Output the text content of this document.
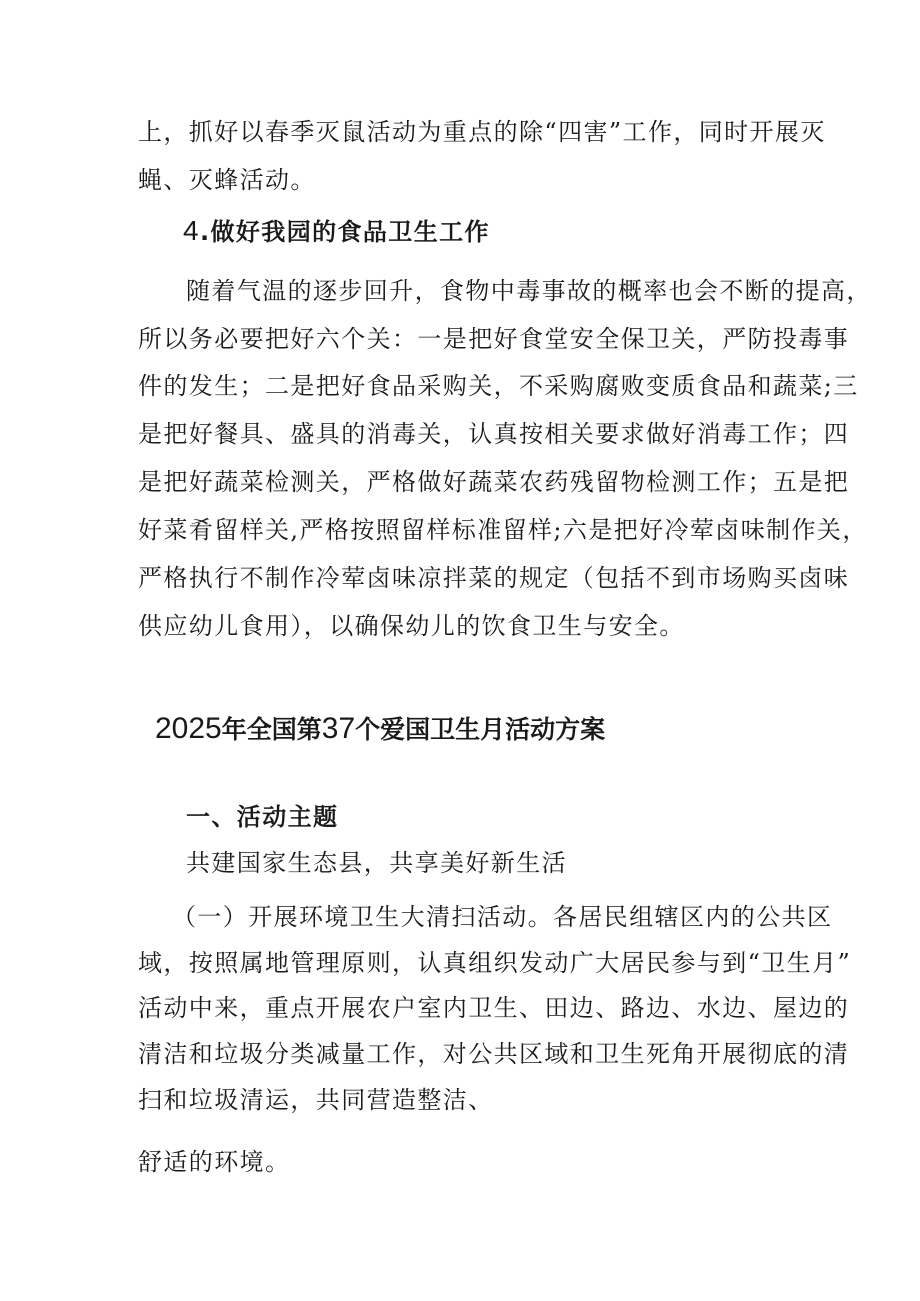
上，抓好以春季灭鼠活动为重点的除“四害”工作，同时开展灭
蝇、灭蜂活动。
4.做好我园的食品卫生工作
随着气温的逐步回升，食物中毒事故的概率也会不断的提高，
所以务必要把好六个关：一是把好食堂安全保卫关，严防投毒事
件的发生；二是把好食品采购关，不采购腐败变质食品和蔬菜;三
是把好餐具、盛具的消毒关，认真按相关要求做好消毒工作；四
是把好蔬菜检测关，严格做好蔬菜农药残留物检测工作；五是把
好菜肴留样关,严格按照留样标准留样;六是把好冷荤卤味制作关，
严格执行不制作冷荤卤味凉拌菜的规定（包括不到市场购买卤味
供应幼儿食用），以确保幼儿的饮食卫生与安全。
2025年全国第37个爱国卫生月活动方案
一、活动主题
共建国家生态县，共享美好新生活
（一）开展环境卫生大清扫活动。各居民组辖区内的公共区
域，按照属地管理原则，认真组织发动广大居民参与到“卫生月”
活动中来，重点开展农户室内卫生、田边、路边、水边、屋边的
清洁和垃圾分类减量工作，对公共区域和卫生死角开展彻底的清
扫和垃圾清运，共同营造整洁、
舒适的环境。
